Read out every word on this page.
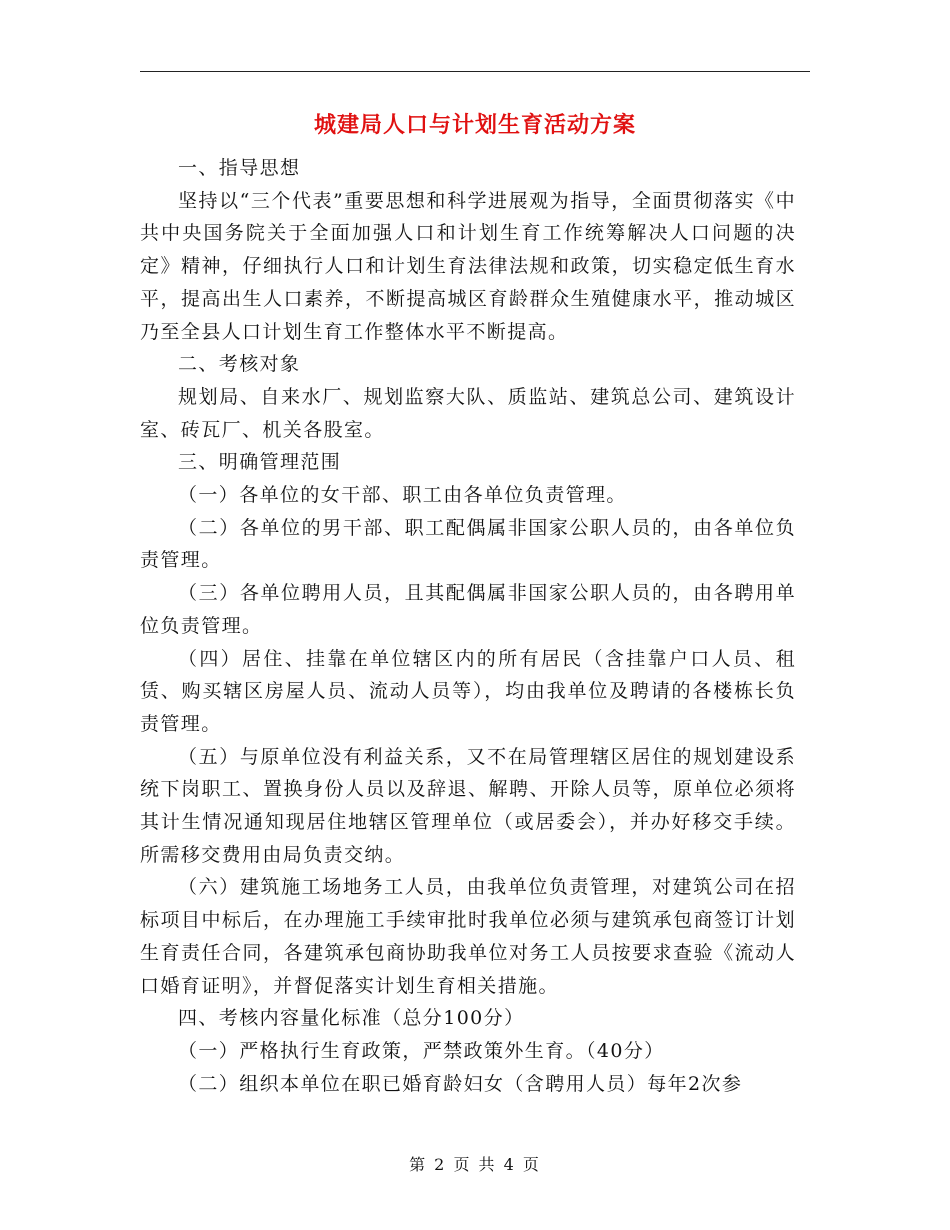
城建局人口与计划生育活动方案

一、指导思想

坚持以“三个代表”重要思想和科学进展观为指导，全面贯彻落实《中共中央国务院关于全面加强人口和计划生育工作统筹解决人口问题的决定》精神，仔细执行人口和计划生育法律法规和政策，切实稳定低生育水平，提高出生人口素养，不断提高城区育龄群众生殖健康水平，推动城区乃至全县人口计划生育工作整体水平不断提高。

二、考核对象

规划局、自来水厂、规划监察大队、质监站、建筑总公司、建筑设计室、砖瓦厂、机关各股室。

三、明确管理范围

（一）各单位的女干部、职工由各单位负责管理。

（二）各单位的男干部、职工配偶属非国家公职人员的，由各单位负责管理。

（三）各单位聘用人员，且其配偶属非国家公职人员的，由各聘用单位负责管理。

（四）居住、挂靠在单位辖区内的所有居民（含挂靠户口人员、租赁、购买辖区房屋人员、流动人员等），均由我单位及聘请的各楼栋长负责管理。

（五）与原单位没有利益关系，又不在局管理辖区居住的规划建设系统下岗职工、置换身份人员以及辞退、解聘、开除人员等，原单位必须将其计生情况通知现居住地辖区管理单位（或居委会），并办好移交手续。所需移交费用由局负责交纳。

（六）建筑施工场地务工人员，由我单位负责管理，对建筑公司在招标项目中标后，在办理施工手续审批时我单位必须与建筑承包商签订计划生育责任合同，各建筑承包商协助我单位对务工人员按要求查验《流动人口婚育证明》，并督促落实计划生育相关措施。

四、考核内容量化标准（总分100分）

（一）严格执行生育政策，严禁政策外生育。（40分）

（二）组织本单位在职已婚育龄妇女（含聘用人员）每年2次参

第 2 页 共 4 页
